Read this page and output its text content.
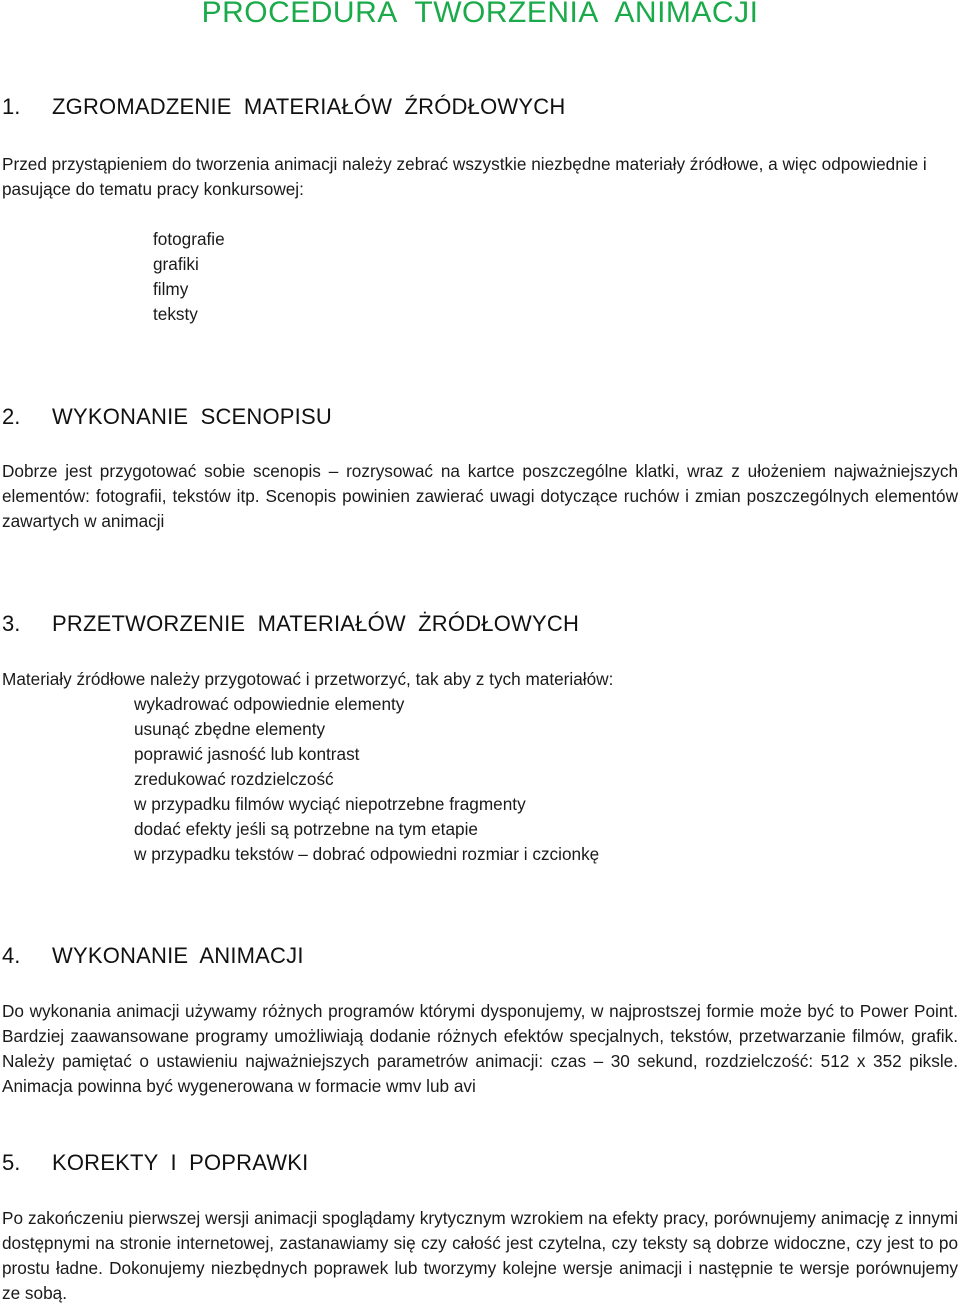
PROCEDURA TWORZENIA ANIMACJI
1. ZGROMADZENIE MATERIAŁÓW ŹRÓDŁOWYCH

Przed przystąpieniem do tworzenia animacji należy zebrać wszystkie niezbędne materiały źródłowe, a więc odpowiednie i pasujące do tematu pracy konkursowej:

fotografie
grafiki
filmy
teksty
2. WYKONANIE SCENOPISU

Dobrze jest przygotować sobie scenopis – rozrysować na kartce poszczególne klatki, wraz z ułożeniem najważniejszych elementów: fotografii, tekstów itp. Scenopis powinien zawierać uwagi dotyczące ruchów i zmian poszczególnych elementów zawartych w animacji

3. PRZETWORZENIE MATERIAŁÓW ŻRÓDŁOWYCH

Materiały źródłowe należy przygotować i przetworzyć, tak aby z tych materiałów:

wykadrować odpowiednie elementy
usunąć zbędne elementy
poprawić jasność lub kontrast
zredukować rozdzielczość
w przypadku filmów wyciąć niepotrzebne fragmenty
dodać efekty jeśli są potrzebne na tym etapie
w przypadku tekstów – dobrać odpowiedni rozmiar i czcionkę
4. WYKONANIE ANIMACJI

Do wykonania animacji używamy różnych programów którymi dysponujemy, w najprostszej formie może być to Power Point. Bardziej zaawansowane programy umożliwiają dodanie różnych efektów specjalnych, tekstów, przetwarzanie filmów, grafik. Należy pamiętać o ustawieniu najważniejszych parametrów animacji: czas – 30 sekund, rozdzielczość: 512 x 352 piksle. Animacja powinna być wygenerowana w formacie wmv lub avi

5. KOREKTY I POPRAWKI

Po zakończeniu pierwszej wersji animacji spoglądamy krytycznym wzrokiem na efekty pracy, porównujemy animację z innymi dostępnymi na stronie internetowej, zastanawiamy się czy całość jest czytelna, czy teksty są dobrze widoczne, czy jest to po prostu ładne. Dokonujemy niezbędnych poprawek lub tworzymy kolejne wersje animacji i następnie te wersje porównujemy ze sobą.
